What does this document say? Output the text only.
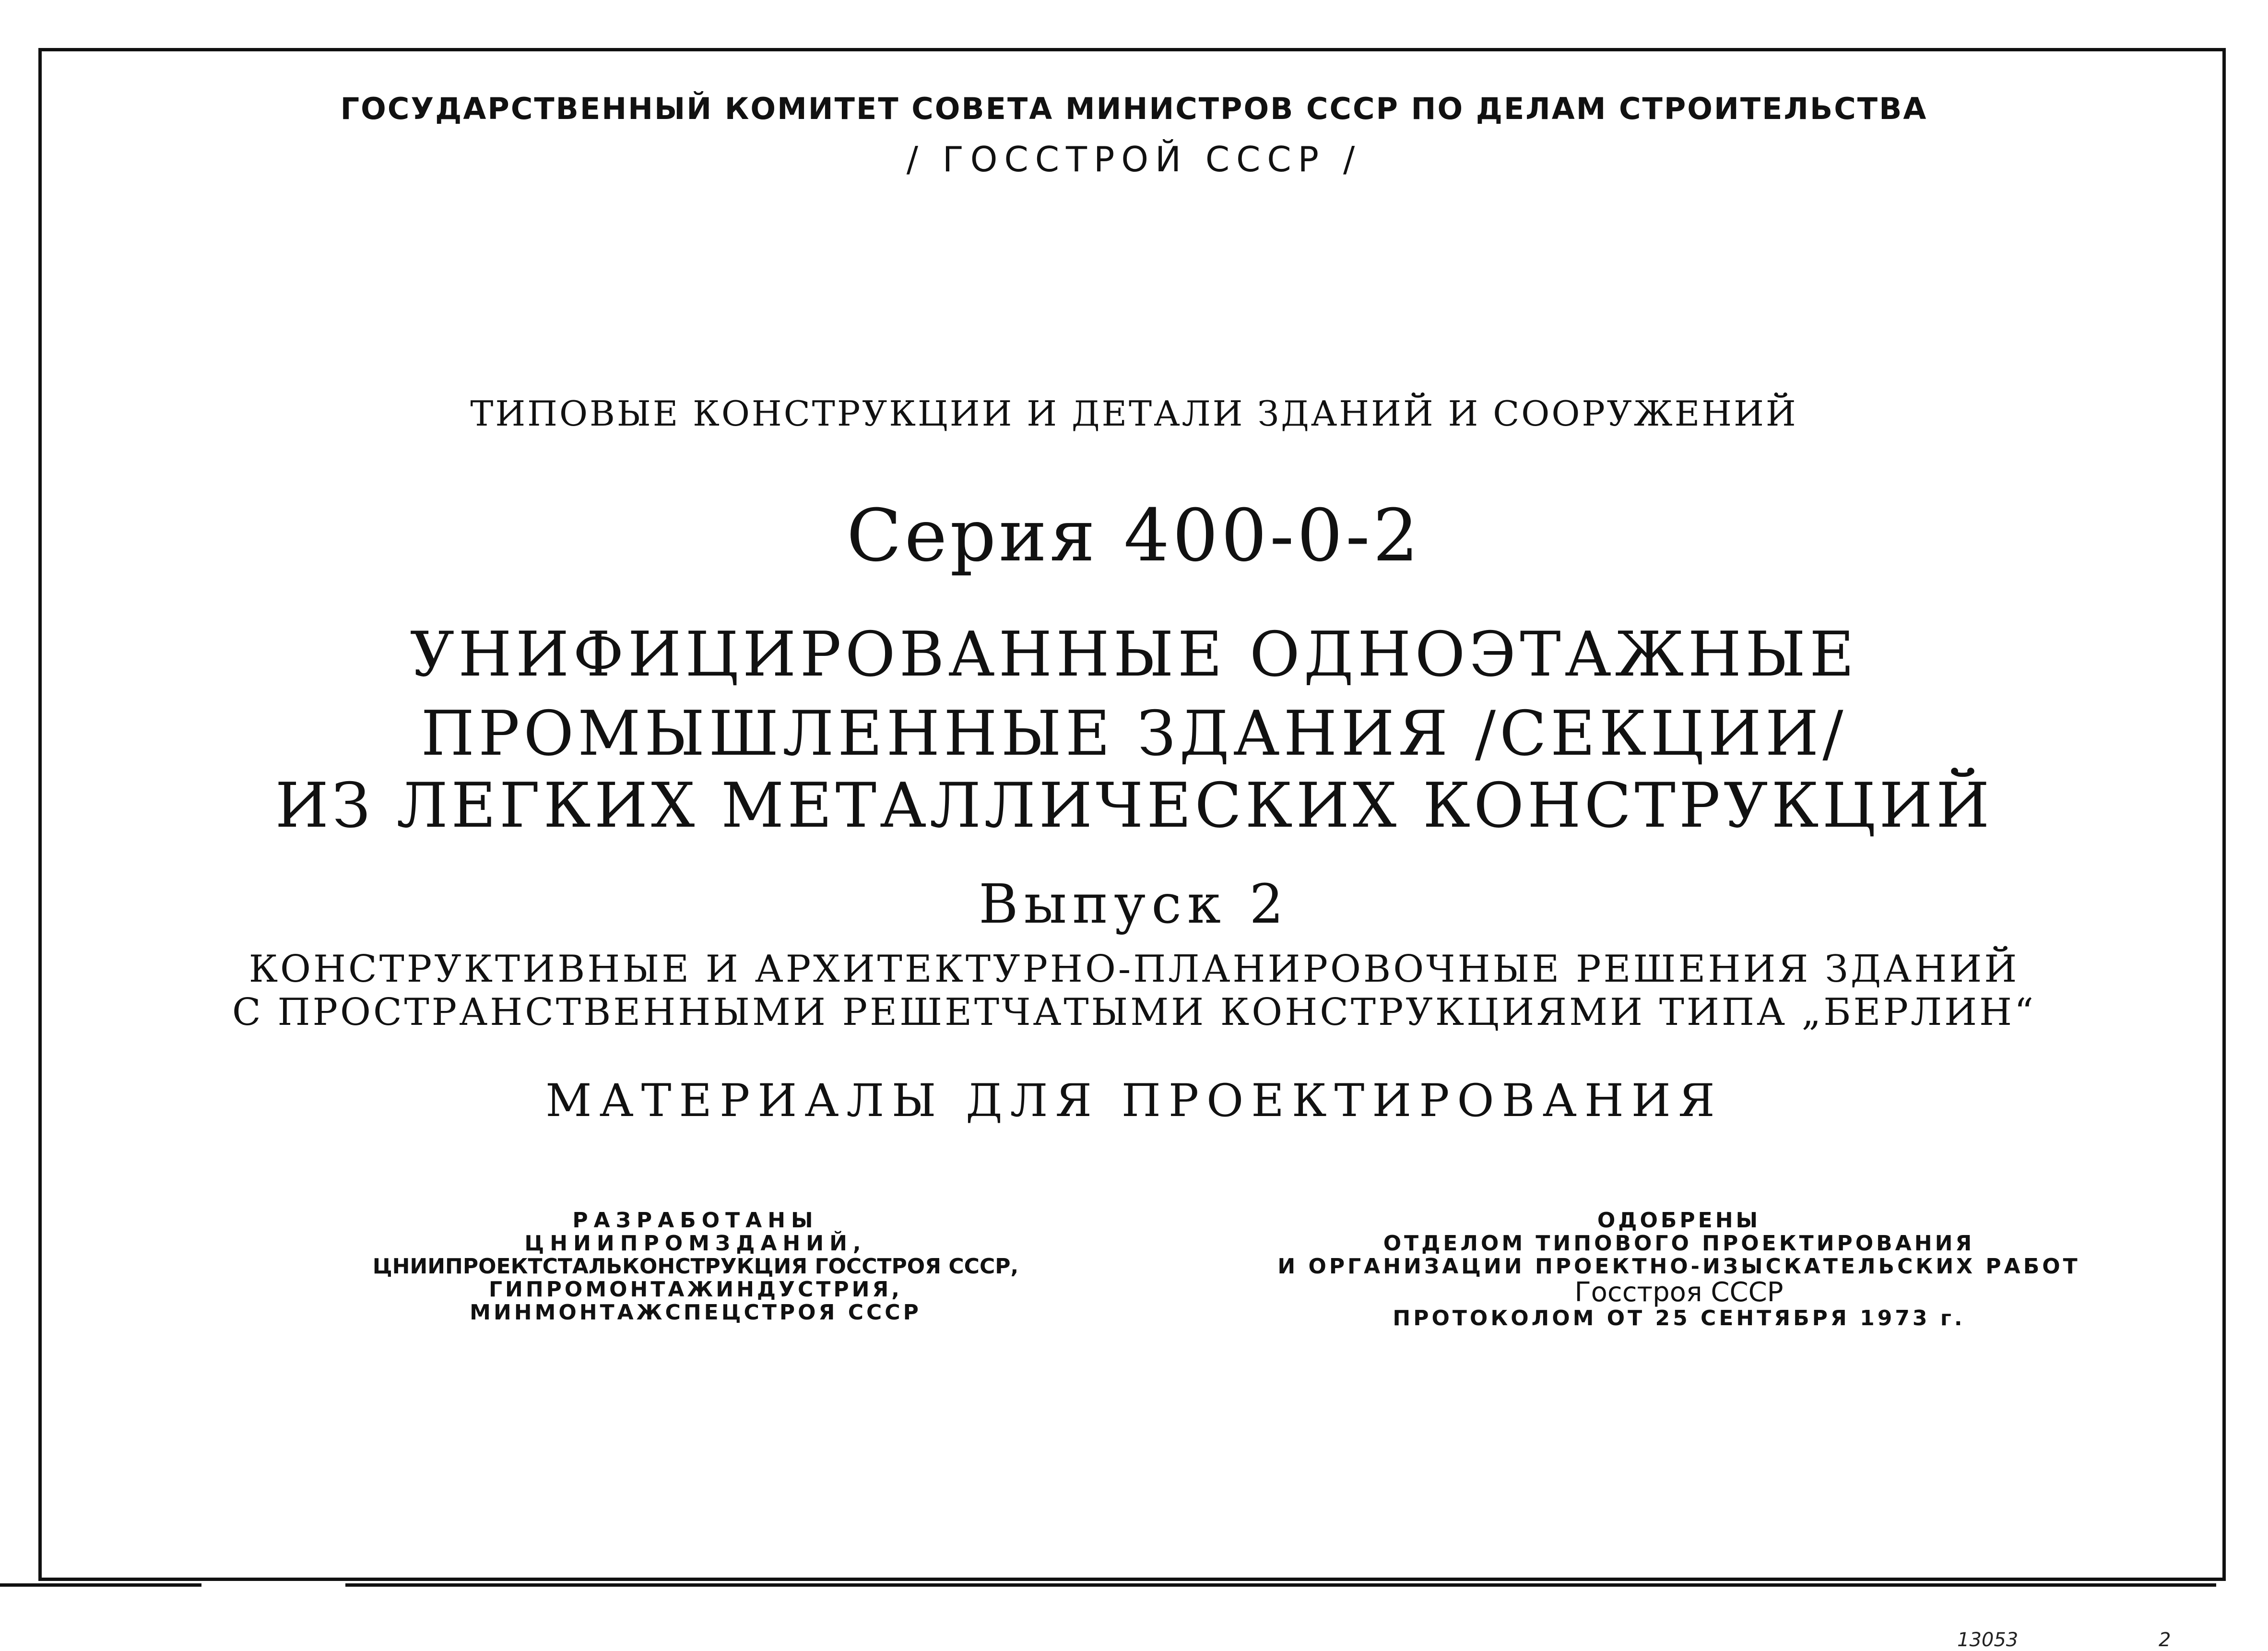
ГОСУДАРСТВЕННЫЙ КОМИТЕТ СОВЕТА МИНИСТРОВ СССР ПО ДЕЛАМ СТРОИТЕЛЬСТВА
/ ГОССТРОЙ СССР /
ТИПОВЫЕ КОНСТРУКЦИИ И ДЕТАЛИ ЗДАНИЙ И СООРУЖЕНИЙ
Серия 400-0-2
УНИФИЦИРОВАННЫЕ ОДНОЭТАЖНЫЕ
ПРОМЫШЛЕННЫЕ ЗДАНИЯ /СЕКЦИИ/
ИЗ ЛЕГКИХ МЕТАЛЛИЧЕСКИХ КОНСТРУКЦИЙ
Выпуск 2
КОНСТРУКТИВНЫЕ И АРХИТЕКТУРНО-ПЛАНИРОВОЧНЫЕ РЕШЕНИЯ ЗДАНИЙ
С ПРОСТРАНСТВЕННЫМИ РЕШЕТЧАТЫМИ КОНСТРУКЦИЯМИ ТИПА „БЕРЛИН“
МАТЕРИАЛЫ ДЛЯ ПРОЕКТИРОВАНИЯ
РАЗРАБОТАНЫ
ЦНИИПРОМЗДАНИЙ,
ЦНИИПРОЕКТСТАЛЬКОНСТРУКЦИЯ ГОССТРОЯ СССР,
ГИПРОМОНТАЖИНДУСТРИЯ,
МИНМОНТАЖСПЕЦСТРОЯ СССР
ОДОБРЕНЫ
ОТДЕЛОМ ТИПОВОГО ПРОЕКТИРОВАНИЯ
И ОРГАНИЗАЦИИ ПРОЕКТНО-ИЗЫСКАТЕЛЬСКИХ РАБОТ
Госстроя СССР
ПРОТОКОЛОМ ОТ 25 СЕНТЯБРЯ 1973 г.
13053	2
